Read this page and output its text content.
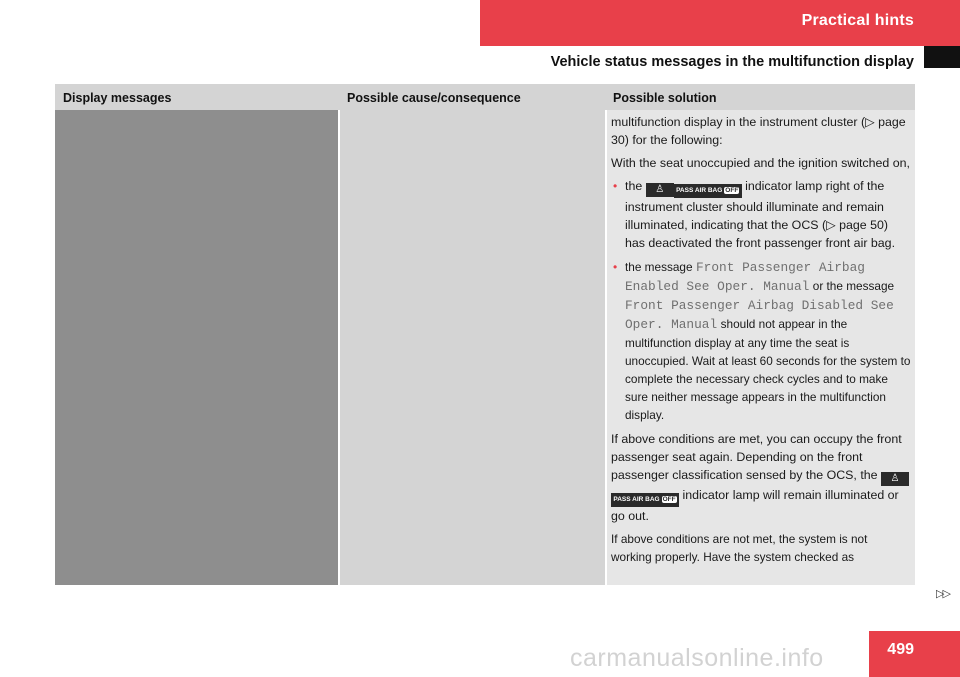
Practical hints
Vehicle status messages in the multifunction display
Display messages	Possible cause/consequence	Possible solution

multifunction display in the instrument cluster (▷ page 30) for the following:

With the seat unoccupied and the ignition switched on,

• the ♙ PASS AIR BAG OFF indicator lamp right of the instrument cluster should illuminate and remain illuminated, indicating that the OCS (▷ page 50) has deactivated the front passenger front air bag.
• the message Front Passenger Airbag Enabled See Oper. Manual or the message Front Passenger Airbag Disabled See Oper. Manual should not appear in the multifunction display at any time the seat is unoccupied. Wait at least 60 seconds for the system to complete the necessary check cycles and to make sure neither message appears in the multifunction display.

If above conditions are met, you can occupy the front passenger seat again. Depending on the front passenger classification sensed by the OCS, the ♙PASS AIR BAG OFF indicator lamp will remain illuminated or go out.

If above conditions are not met, the system is not working properly. Have the system checked as

▷▷
499
carmanualsonline.info
